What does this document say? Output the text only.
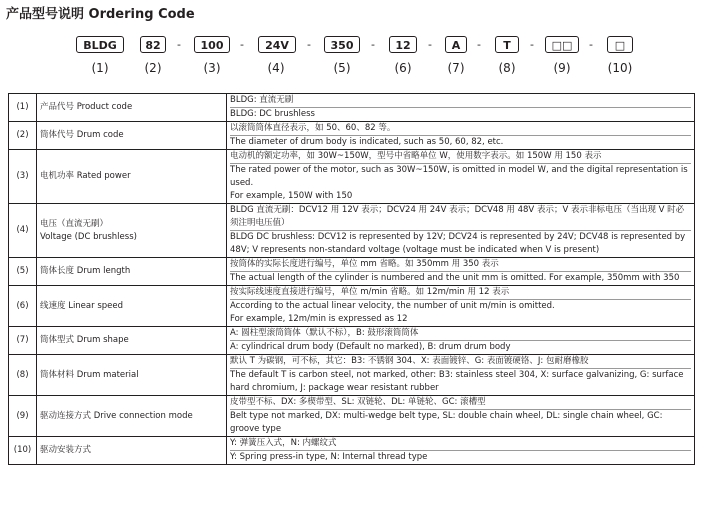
产品型号说明 Ordering Code
BLDG	82	-	100	-	24V	-	350	-	12	-	A	-	T	-	□□	-	□
(1)	(2)	(3)	(4)	(5)	(6)	(7)	(8)	(9)	(10)
(1)	产品代号 Product code	BLDG: 直流无刷
BLDG: DC brushless

(2)	筒体代号 Drum code	以滚筒筒体直径表示，如 50、60、82 等。
The diameter of drum body is indicated, such as 50, 60, 82, etc.

(3)	电机功率 Rated power	电动机的额定功率，如 30W~150W，型号中省略单位 W，使用数字表示。如 150W 用 150 表示
The rated power of the motor, such as 30W~150W, is omitted in model W, and the digital representation is used.
For example, 150W with 150

(4)	电压（直流无刷）
Voltage (DC brushless)	BLDG 直流无刷：DCV12 用 12V 表示；DCV24 用 24V 表示；DCV48 用 48V 表示；V 表示非标电压（当出现 V 时必须注明电压值）
BLDG DC brushless: DCV12 is represented by 12V; DCV24 is represented by 24V; DCV48 is represented by 48V; V represents non-standard voltage (voltage must be indicated when V is present)

(5)	筒体长度 Drum length	按筒体的实际长度进行编号，单位 mm 省略。如 350mm 用 350 表示
The actual length of the cylinder is numbered and the unit mm is omitted. For example, 350mm with 350

(6)	线速度 Linear speed	按实际线速度直接进行编号，单位 m/min 省略。如 12m/min 用 12 表示
According to the actual linear velocity, the number of unit m/min is omitted.
For example, 12m/min is expressed as 12

(7)	筒体型式 Drum shape	A: 圆柱型滚筒筒体（默认不标），B: 鼓形滚筒筒体
A: cylindrical drum body (Default no marked), B: drum drum body

(8)	筒体材料 Drum material	默认 T 为碳钢，可不标，其它：B3: 不锈钢 304、X: 表面镀锌、G: 表面镀硬铬、J: 包耐磨橡胶
The default T is carbon steel, not marked, other: B3: stainless steel 304, X: surface galvanizing, G: surface hard chromium, J: package wear resistant rubber

(9)	驱动连接方式 Drive connection mode	皮带型不标、DX: 多楔带型、SL: 双链轮、DL: 单链轮、GC: 滚槽型
Belt type not marked, DX: multi-wedge belt type, SL: double chain wheel, DL: single chain wheel, GC: groove type

(10)	驱动安装方式	Y: 弹簧压入式，N: 内螺纹式
Y: Spring press-in type, N: Internal thread type
